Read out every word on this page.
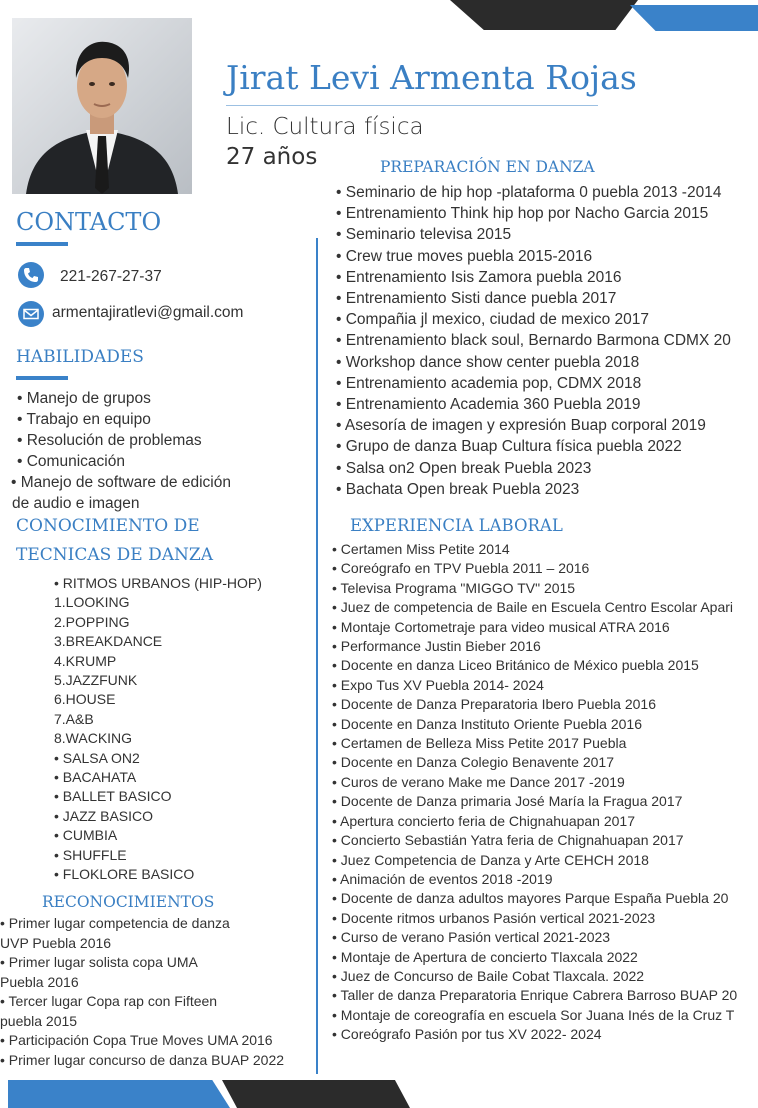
Jirat Levi Armenta Rojas
Lic. Cultura física
27 años
CONTACTO
221-267-27-37
armentajiratlevi@gmail.com
HABILIDADES
• Manejo de grupos
• Trabajo en equipo
• Resolución de problemas
• Comunicación
• Manejo de software de edición
de audio e imagen
CONOCIMIENTO DE
TECNICAS DE DANZA
• RITMOS URBANOS (HIP-HOP)
1.LOOKING
2.POPPING
3.BREAKDANCE
4.KRUMP
5.JAZZFUNK
6.HOUSE
7.A&B
8.WACKING
• SALSA ON2
• BACAHATA
• BALLET BASICO
• JAZZ BASICO
• CUMBIA
• SHUFFLE
• FLOKLORE BASICO
RECONOCIMIENTOS
• Primer lugar competencia de danza
UVP Puebla 2016
• Primer lugar solista copa UMA
Puebla 2016
• Tercer lugar Copa rap con Fifteen
puebla 2015
• Participación Copa True Moves UMA 2016
• Primer lugar concurso de danza BUAP 2022
PREPARACIÓN EN DANZA
• Seminario de hip hop -plataforma 0 puebla 2013 -2014
• Entrenamiento Think hip hop por Nacho Garcia 2015
• Seminario televisa 2015
• Crew true moves puebla 2015-2016
• Entrenamiento Isis Zamora puebla 2016
• Entrenamiento Sisti dance puebla 2017
• Compañia jl mexico, ciudad de mexico 2017
• Entrenamiento black soul, Bernardo Barmona CDMX 20
• Workshop dance show center puebla 2018
• Entrenamiento academia pop, CDMX 2018
• Entrenamiento Academia 360 Puebla 2019
• Asesoría de imagen y expresión Buap corporal 2019
• Grupo de danza Buap Cultura física puebla 2022
• Salsa on2 Open break Puebla 2023
• Bachata Open break Puebla 2023
EXPERIENCIA LABORAL
• Certamen Miss Petite 2014
• Coreógrafo en TPV Puebla 2011 – 2016
• Televisa Programa "MIGGO TV" 2015
• Juez de competencia de Baile en Escuela Centro Escolar Apari
• Montaje Cortometraje para video musical ATRA 2016
• Performance Justin Bieber 2016
• Docente en danza Liceo Británico de México puebla 2015
• Expo Tus XV Puebla 2014- 2024
• Docente de Danza Preparatoria Ibero Puebla 2016
• Docente en Danza Instituto Oriente Puebla 2016
• Certamen de Belleza Miss Petite 2017 Puebla
• Docente en Danza Colegio Benavente 2017
• Curos de verano Make me Dance 2017 -2019
• Docente de Danza primaria José María la Fragua 2017
• Apertura concierto feria de Chignahuapan 2017
• Concierto Sebastián Yatra feria de Chignahuapan 2017
• Juez Competencia de Danza y Arte CEHCH 2018
• Animación de eventos 2018 -2019
• Docente de danza adultos mayores Parque España Puebla 20
• Docente ritmos urbanos Pasión vertical 2021-2023
• Curso de verano Pasión vertical 2021-2023
• Montaje de Apertura de concierto Tlaxcala 2022
• Juez de Concurso de Baile Cobat Tlaxcala. 2022
• Taller de danza Preparatoria Enrique Cabrera Barroso BUAP 20
• Montaje de coreografía en escuela Sor Juana Inés de la Cruz T
• Coreógrafo Pasión por tus XV 2022- 2024
